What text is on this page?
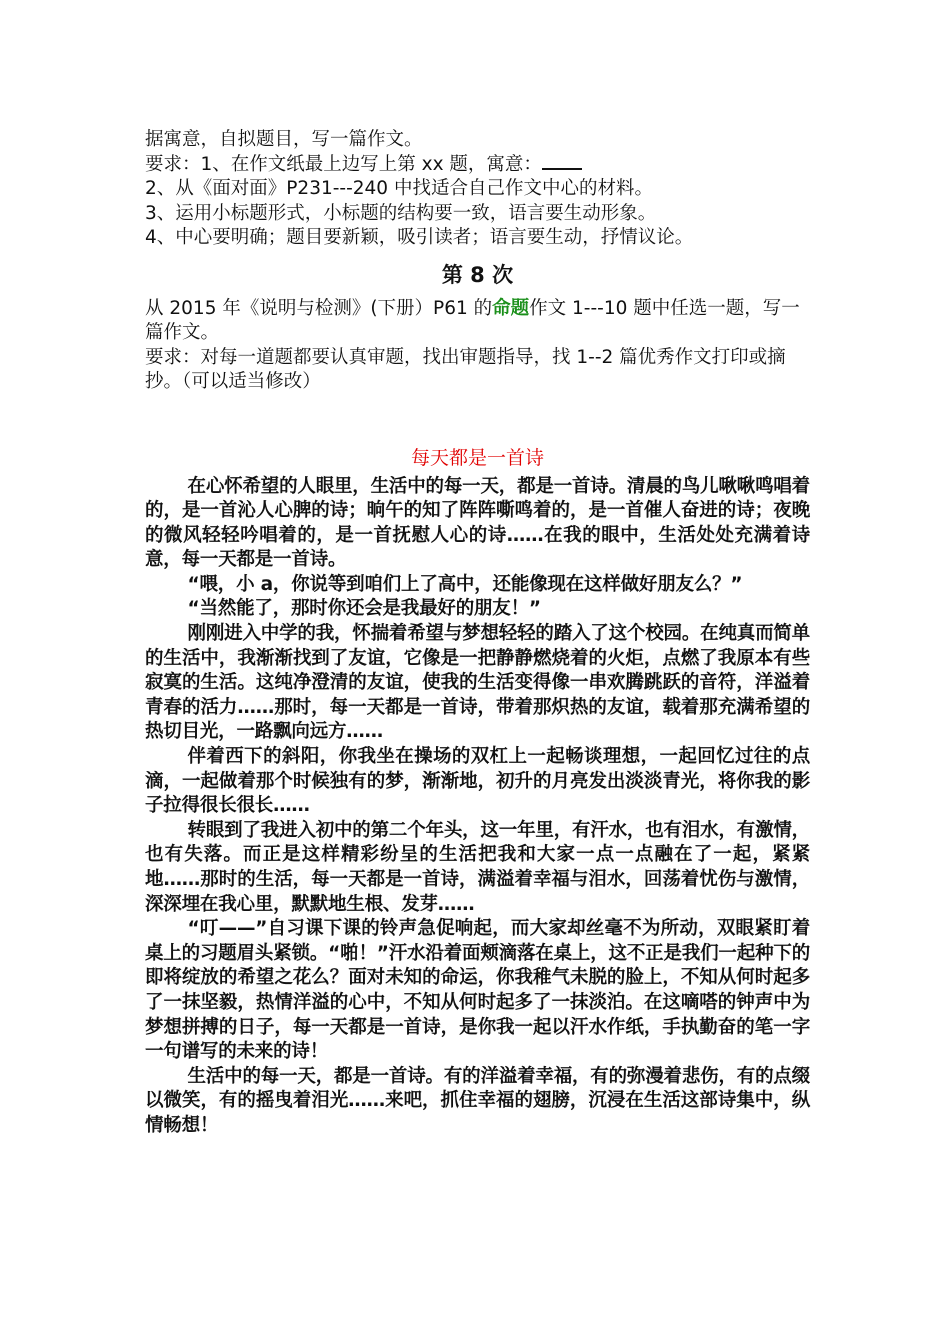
据寓意，自拟题目，写一篇作文。

要求：1、在作文纸最上边写上第 xx 题，寓意：

2、从《面对面》P231---240 中找适合自己作文中心的材料。

3、运用小标题形式，小标题的结构要一致，语言要生动形象。

4、中心要明确；题目要新颖，吸引读者；语言要生动，抒情议论。

第 8 次

从 2015 年《说明与检测》(下册）P61 的命题作文 1---10 题中任选一题，写一篇作文。

要求：对每一道题都要认真审题，找出审题指导，找 1--2 篇优秀作文打印或摘抄。（可以适当修改）

每天都是一首诗

在心怀希望的人眼里，生活中的每一天，都是一首诗。清晨的鸟儿啾啾鸣唱着的，是一首沁人心脾的诗；晌午的知了阵阵嘶鸣着的，是一首催人奋进的诗；夜晚的微风轻轻吟唱着的，是一首抚慰人心的诗……在我的眼中，生活处处充满着诗意，每一天都是一首诗。

“喂，小 a，你说等到咱们上了高中，还能像现在这样做好朋友么？”

“当然能了，那时你还会是我最好的朋友！”

刚刚进入中学的我，怀揣着希望与梦想轻轻的踏入了这个校园。在纯真而简单的生活中，我渐渐找到了友谊，它像是一把静静燃烧着的火炬，点燃了我原本有些寂寞的生活。这纯净澄清的友谊，使我的生活变得像一串欢腾跳跃的音符，洋溢着青春的活力……那时，每一天都是一首诗，带着那炽热的友谊，载着那充满希望的热切目光，一路飘向远方……

伴着西下的斜阳，你我坐在操场的双杠上一起畅谈理想，一起回忆过往的点滴，一起做着那个时候独有的梦，渐渐地，初升的月亮发出淡淡青光，将你我的影子拉得很长很长……

转眼到了我进入初中的第二个年头，这一年里，有汗水，也有泪水，有激情，也有失落。而正是这样精彩纷呈的生活把我和大家一点一点融在了一起，紧紧地……那时的生活，每一天都是一首诗，满溢着幸福与泪水，回荡着忧伤与激情，深深埋在我心里，默默地生根、发芽……

“叮——”自习课下课的铃声急促响起，而大家却丝毫不为所动，双眼紧盯着桌上的习题眉头紧锁。“啪！”汗水沿着面颊滴落在桌上，这不正是我们一起种下的即将绽放的希望之花么？面对未知的命运，你我稚气未脱的脸上，不知从何时起多了一抹坚毅，热情洋溢的心中，不知从何时起多了一抹淡泊。在这嘀嗒的钟声中为梦想拼搏的日子，每一天都是一首诗，是你我一起以汗水作纸，手执勤奋的笔一字一句谱写的未来的诗！

生活中的每一天，都是一首诗。有的洋溢着幸福，有的弥漫着悲伤，有的点缀以微笑，有的摇曳着泪光……来吧，抓住幸福的翅膀，沉浸在生活这部诗集中，纵情畅想！
